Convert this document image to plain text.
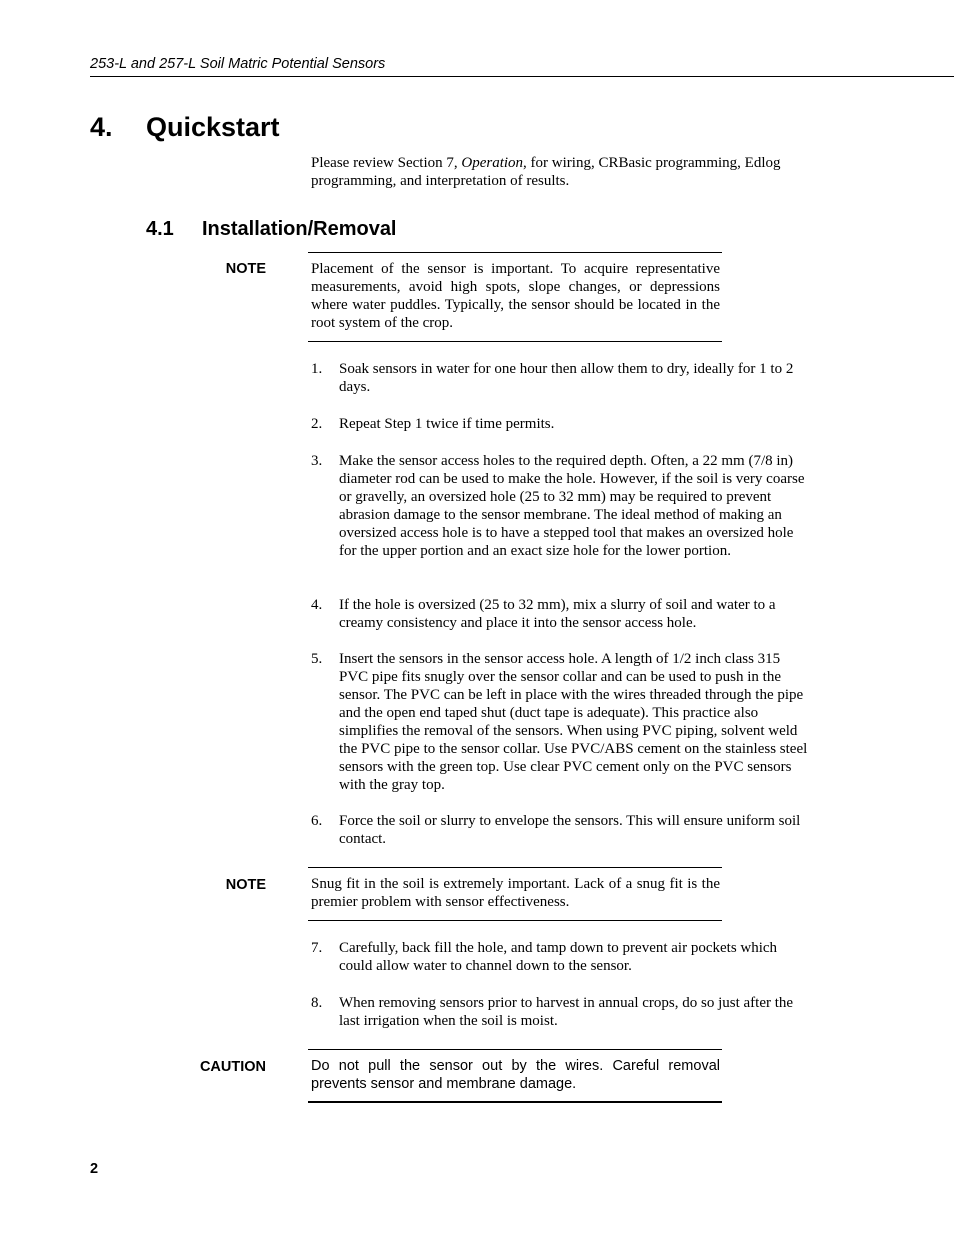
253-L and 257-L Soil Matric Potential Sensors
4. Quickstart

Please review Section 7, Operation, for wiring, CRBasic programming, Edlog programming, and interpretation of results.

4.1 Installation/Removal
NOTE	Placement of the sensor is important. To acquire representative measurements, avoid high spots, slope changes, or depressions where water puddles. Typically, the sensor should be located in the root system of the crop.

1.	Soak sensors in water for one hour then allow them to dry, ideally for 1 to 2 days.
2.	Repeat Step 1 twice if time permits.
3.	Make the sensor access holes to the required depth. Often, a 22 mm (7/8 in) diameter rod can be used to make the hole. However, if the soil is very coarse or gravelly, an oversized hole (25 to 32 mm) may be required to prevent abrasion damage to the sensor membrane. The ideal method of making an oversized access hole is to have a stepped tool that makes an oversized hole for the upper portion and an exact size hole for the lower portion.
4.	If the hole is oversized (25 to 32 mm), mix a slurry of soil and water to a creamy consistency and place it into the sensor access hole.
5.	Insert the sensors in the sensor access hole. A length of 1/2 inch class 315 PVC pipe fits snugly over the sensor collar and can be used to push in the sensor. The PVC can be left in place with the wires threaded through the pipe and the open end taped shut (duct tape is adequate). This practice also simplifies the removal of the sensors. When using PVC piping, solvent weld the PVC pipe to the sensor collar. Use PVC/ABS cement on the stainless steel sensors with the green top. Use clear PVC cement only on the PVC sensors with the gray top.
6.	Force the soil or slurry to envelope the sensors. This will ensure uniform soil contact.
NOTE	Snug fit in the soil is extremely important. Lack of a snug fit is the premier problem with sensor effectiveness.

7.	Carefully, back fill the hole, and tamp down to prevent air pockets which could allow water to channel down to the sensor.
8.	When removing sensors prior to harvest in annual crops, do so just after the last irrigation when the soil is moist.
CAUTION	Do not pull the sensor out by the wires. Careful removal prevents sensor and membrane damage.

2
